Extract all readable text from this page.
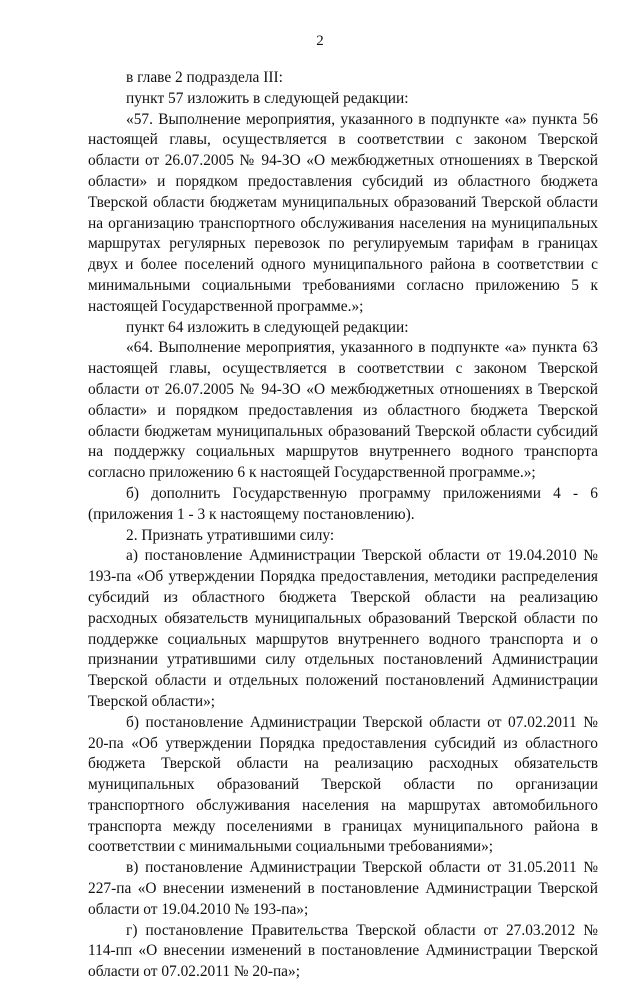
2

в главе 2 подраздела III:

пункт 57 изложить в следующей редакции:

«57. Выполнение мероприятия, указанного в подпункте «а» пункта 56 настоящей главы, осуществляется в соответствии с законом Тверской области от 26.07.2005 № 94-ЗО «О межбюджетных отношениях в Тверской области» и порядком предоставления субсидий из областного бюджета Тверской области бюджетам муниципальных образований Тверской области на организацию транспортного обслуживания населения на муниципальных маршрутах регулярных перевозок по регулируемым тарифам в границах двух и более поселений одного муниципального района в соответствии с минимальными социальными требованиями согласно приложению 5 к настоящей Государственной программе.»;

пункт 64 изложить в следующей редакции:

«64. Выполнение мероприятия, указанного в подпункте «а» пункта 63 настоящей главы, осуществляется в соответствии с законом Тверской области от 26.07.2005 № 94-ЗО «О межбюджетных отношениях в Тверской области» и порядком предоставления из областного бюджета Тверской области бюджетам муниципальных образований Тверской области субсидий на поддержку социальных маршрутов внутреннего водного транспорта согласно приложению 6 к настоящей Государственной программе.»;

б) дополнить Государственную программу приложениями 4 - 6 (приложения 1 - 3 к настоящему постановлению).

2. Признать утратившими силу:

а) постановление Администрации Тверской области от 19.04.2010 № 193-па «Об утверждении Порядка предоставления, методики распределения субсидий из областного бюджета Тверской области на реализацию расходных обязательств муниципальных образований Тверской области по поддержке социальных маршрутов внутреннего водного транспорта и о признании утратившими силу отдельных постановлений Администрации Тверской области и отдельных положений постановлений Администрации Тверской области»;

б) постановление Администрации Тверской области от 07.02.2011 № 20-па «Об утверждении Порядка предоставления субсидий из областного бюджета Тверской области на реализацию расходных обязательств муниципальных образований Тверской области по организации транспортного обслуживания населения на маршрутах автомобильного транспорта между поселениями в границах муниципального района в соответствии с минимальными социальными требованиями»;

в) постановление Администрации Тверской области от 31.05.2011 № 227-па «О внесении изменений в постановление Администрации Тверской области от 19.04.2010 № 193-па»;

г) постановление Правительства Тверской области от 27.03.2012 № 114-пп «О внесении изменений в постановление Администрации Тверской области от 07.02.2011 № 20-па»;
